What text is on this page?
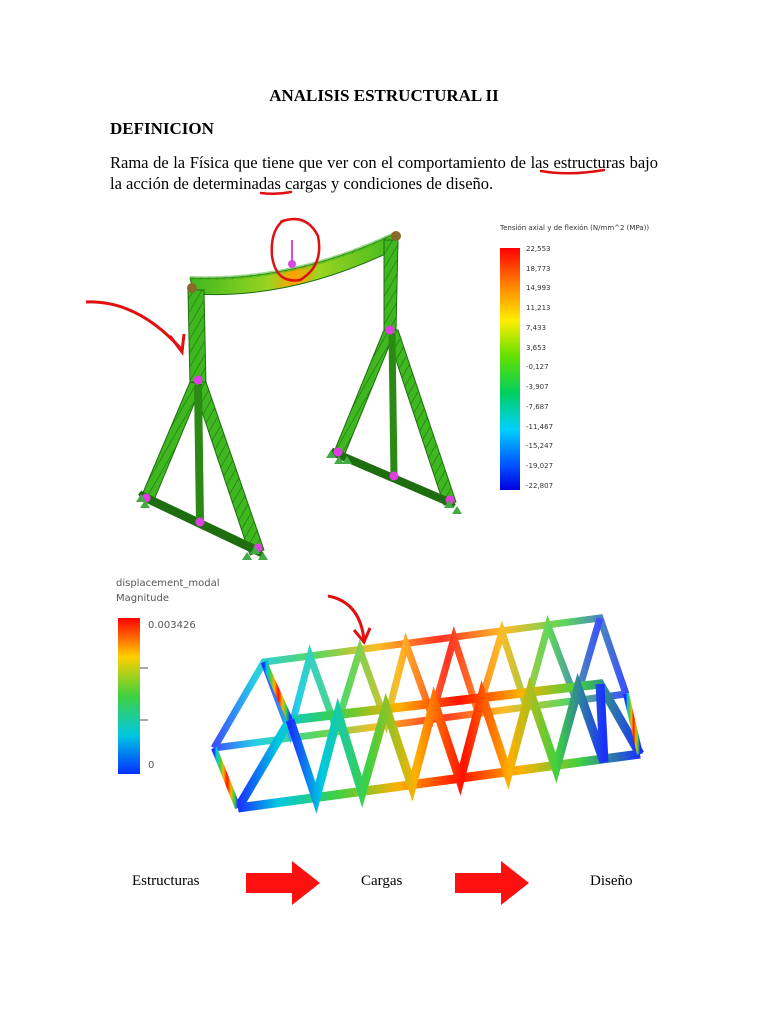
ANALISIS ESTRUCTURAL II
DEFINICION
Rama de la Física que tiene que ver con el comportamiento de las estructuras bajo la acción de determinadas cargas y condiciones de diseño.
Tensión axial y de flexión (N/mm^2 (MPa))
22,553
18,773
14,993
11,213
7,433
3,653
-0,127
-3,907
-7,687
-11,467
-15,247
-19,027
-22,807
displacement_modal
Magnitude
0.003426
0
Estructuras	Cargas	Diseño
